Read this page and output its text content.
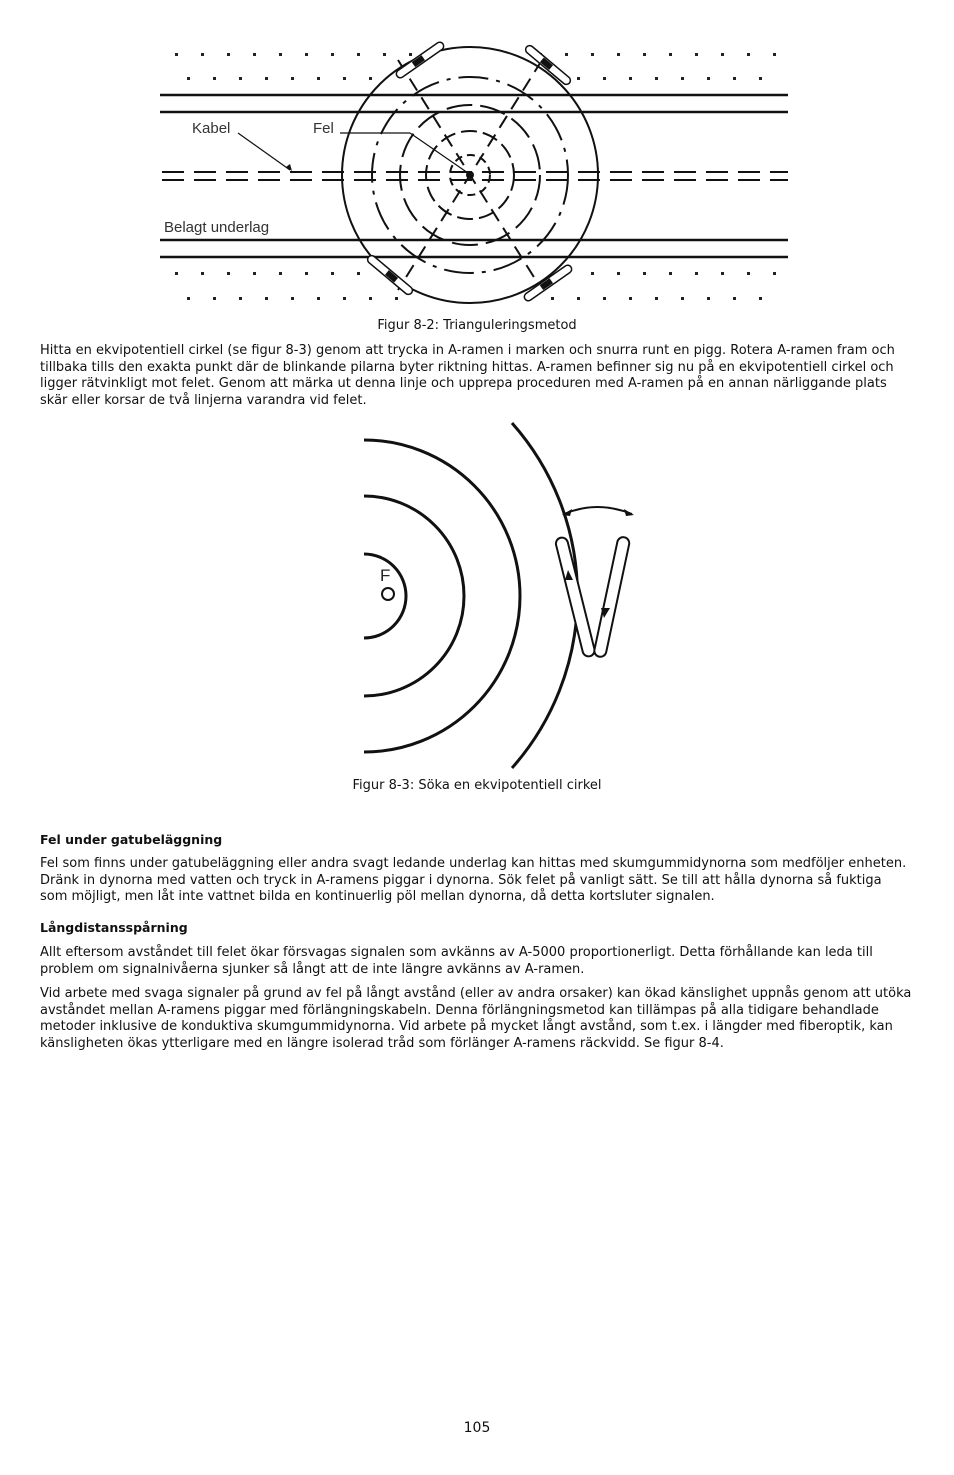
Kabel	Fel
Belagt underlag
Figur 8-2: Trianguleringsmetod

Hitta en ekvipotentiell cirkel (se figur 8-3) genom att trycka in A-ramen i marken och snurra runt en pigg. Rotera A-ramen fram och tillbaka tills den exakta punkt där de blinkande pilarna byter riktning hittas. A-ramen befinner sig nu på en ekvipotentiell cirkel och ligger rätvinkligt mot felet. Genom att märka ut denna linje och upprepa proceduren med A-ramen på en annan närliggande plats skär eller korsar de två linjerna varandra vid felet.

F
Figur 8-3: Söka en ekvipotentiell cirkel

Fel under gatubeläggning

Fel som finns under gatubeläggning eller andra svagt ledande underlag kan hittas med skumgummidynorna som medföljer enheten. Dränk in dynorna med vatten och tryck in A-ramens piggar i dynorna. Sök felet på vanligt sätt. Se till att hålla dynorna så fuktiga som möjligt, men låt inte vattnet bilda en kontinuerlig pöl mellan dynorna, då detta kortsluter signalen.

Långdistansspårning

Allt eftersom avståndet till felet ökar försvagas signalen som avkänns av A-5000 proportionerligt. Detta förhållande kan leda till problem om signalnivåerna sjunker så långt att de inte längre avkänns av A-ramen.

Vid arbete med svaga signaler på grund av fel på långt avstånd (eller av andra orsaker) kan ökad känslighet uppnås genom att utöka avståndet mellan A-ramens piggar med förlängningskabeln. Denna förlängningsmetod kan tillämpas på alla tidigare behandlade metoder inklusive de konduktiva skumgummidynorna. Vid arbete på mycket långt avstånd, som t.ex. i längder med fiberoptik, kan känsligheten ökas ytterligare med en längre isolerad tråd som förlänger A-ramens räckvidd. Se figur 8-4.

105
